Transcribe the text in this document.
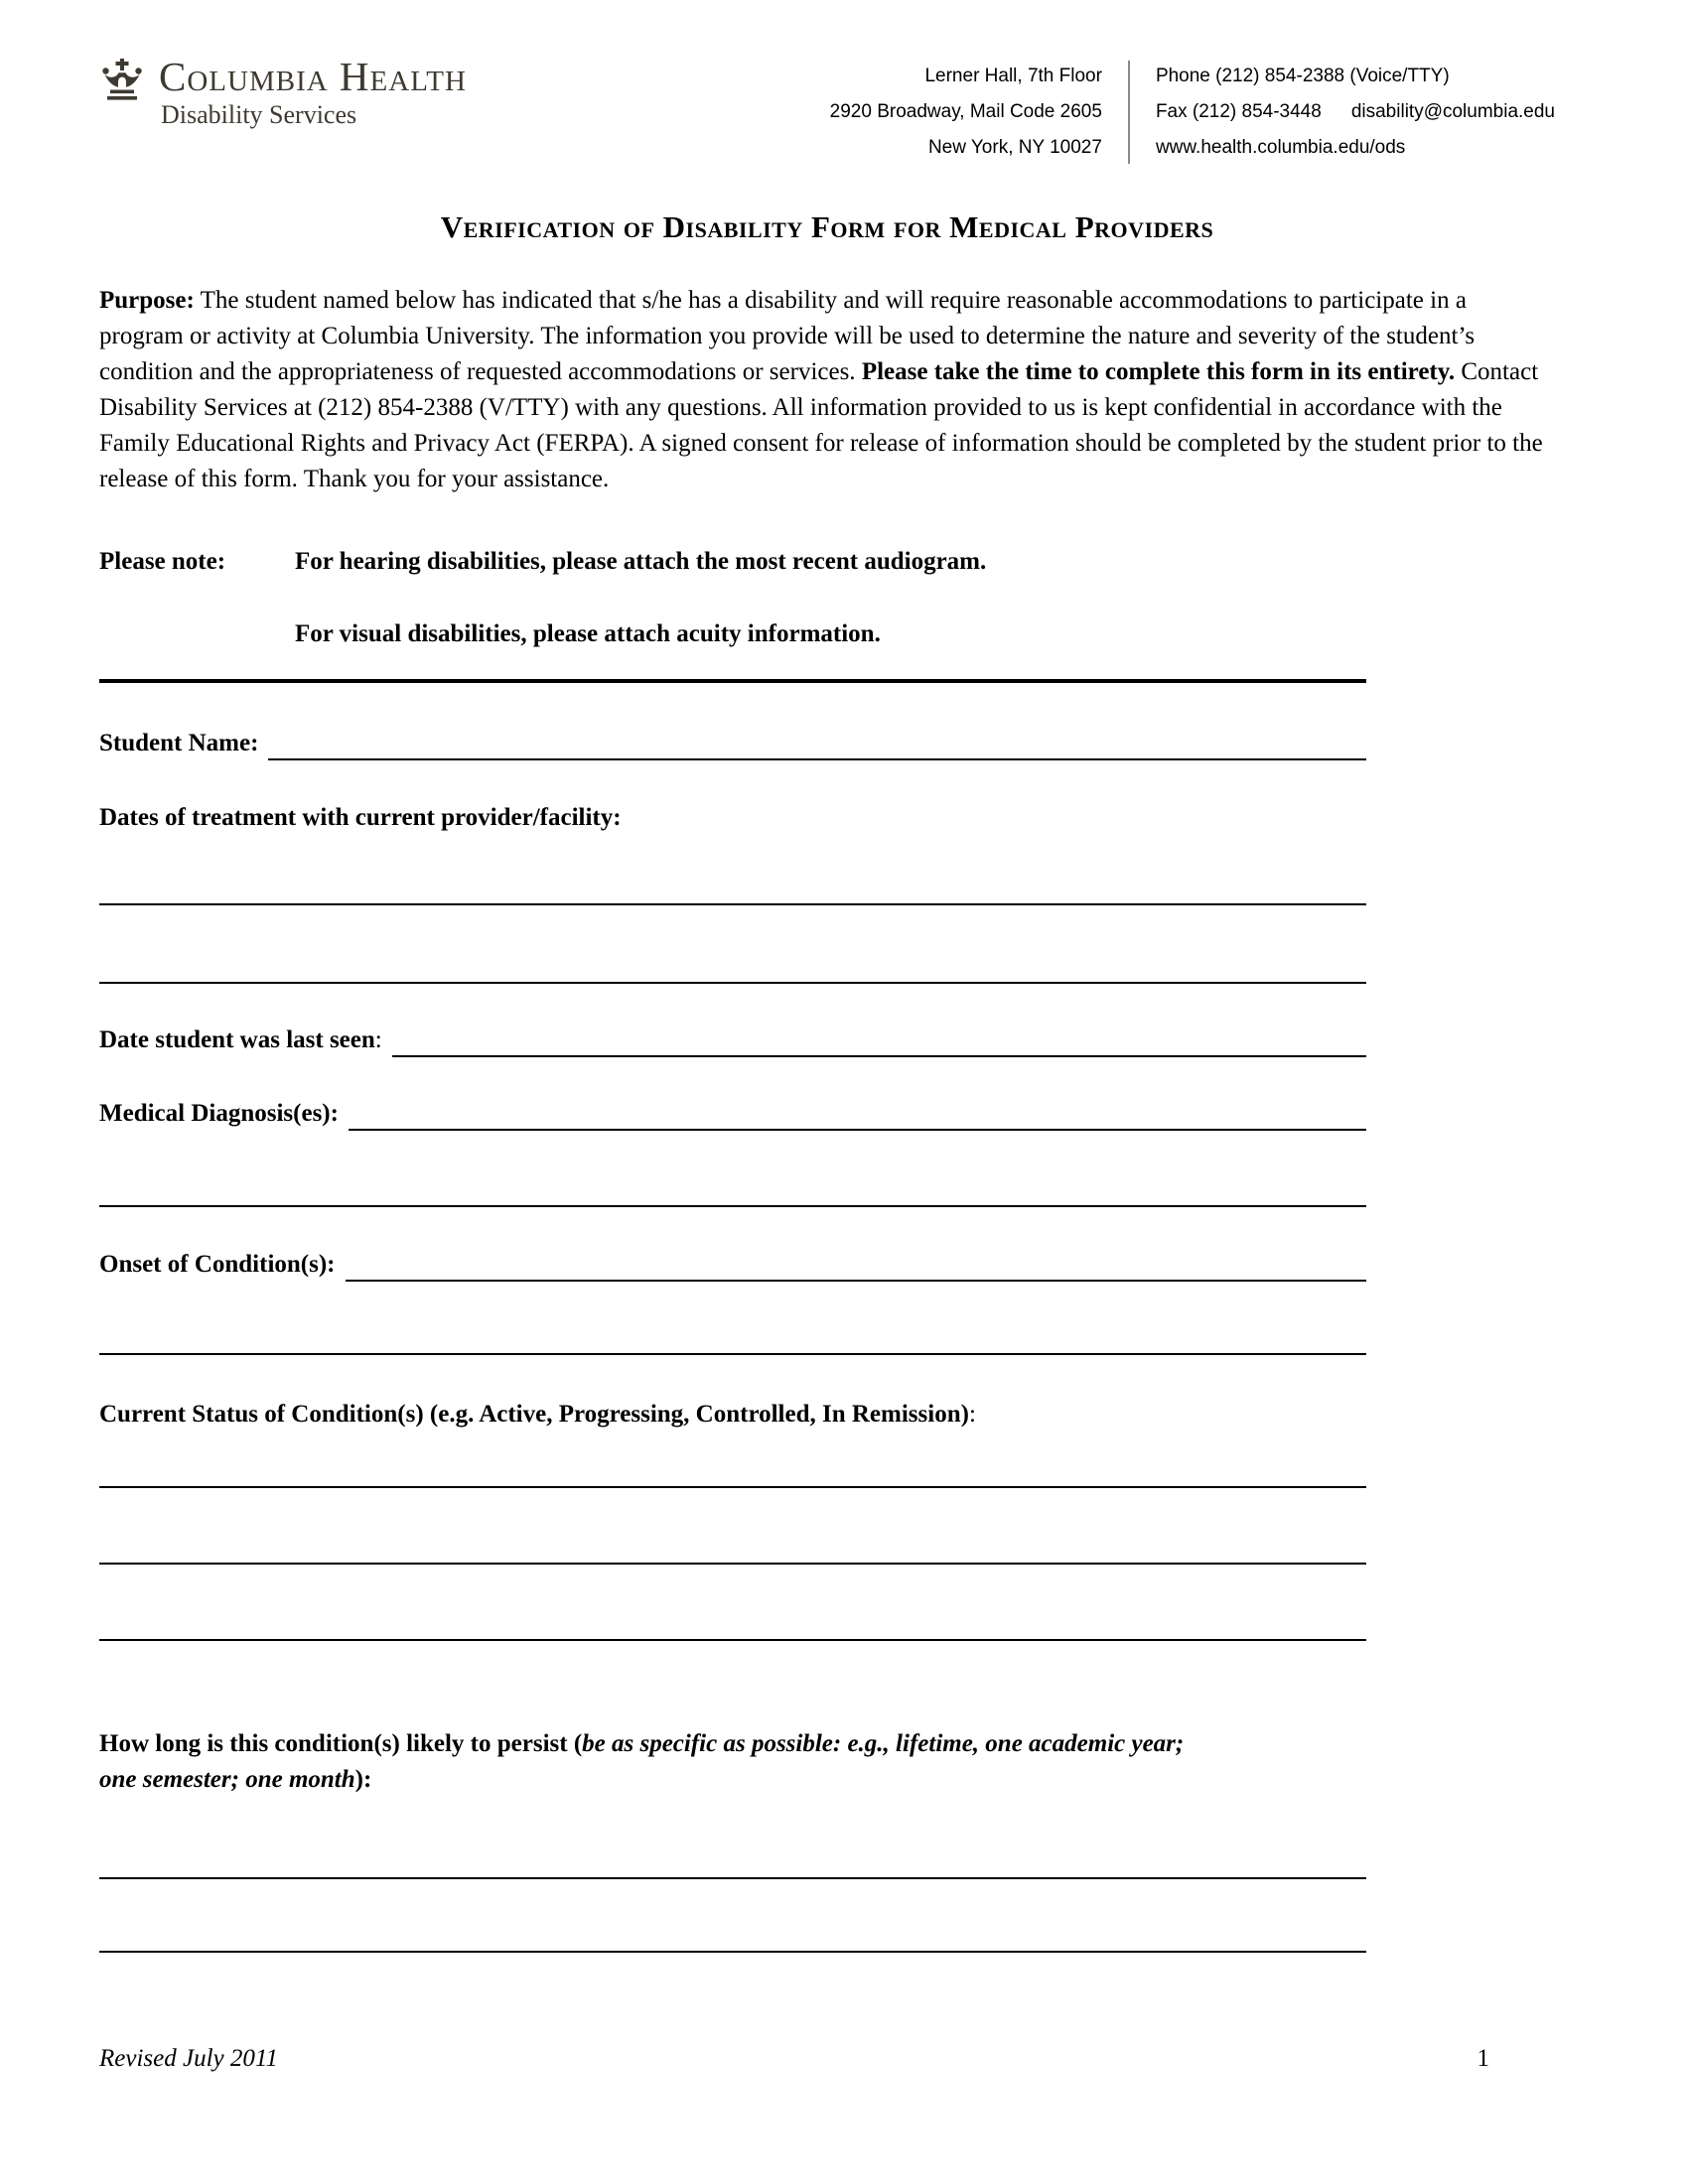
Columbia Health
Disability Services
Lerner Hall, 7th Floor
2920 Broadway, Mail Code 2605
New York, NY 10027
Phone (212) 854-2388 (Voice/TTY)
Fax (212) 854-3448 disability@columbia.edu
www.health.columbia.edu/ods
Verification of Disability Form for Medical Providers

Purpose: The student named below has indicated that s/he has a disability and will require reasonable accommodations to participate in a program or activity at Columbia University. The information you provide will be used to determine the nature and severity of the student’s condition and the appropriateness of requested accommodations or services. Please take the time to complete this form in its entirety. Contact Disability Services at (212) 854-2388 (V/TTY) with any questions. All information provided to us is kept confidential in accordance with the Family Educational Rights and Privacy Act (FERPA). A signed consent for release of information should be completed by the student prior to the release of this form. Thank you for your assistance.

Please note:	For hearing disabilities, please attach the most recent audiogram.
For visual disabilities, please attach acuity information.
Student Name:

Dates of treatment with current provider/facility:

Date student was last seen:
Medical Diagnosis(es):
Onset of Condition(s):

Current Status of Condition(s) (e.g. Active, Progressing, Controlled, In Remission):

How long is this condition(s) likely to persist (be as specific as possible: e.g., lifetime, one academic year;
one semester; one month):

Revised July 2011	1
